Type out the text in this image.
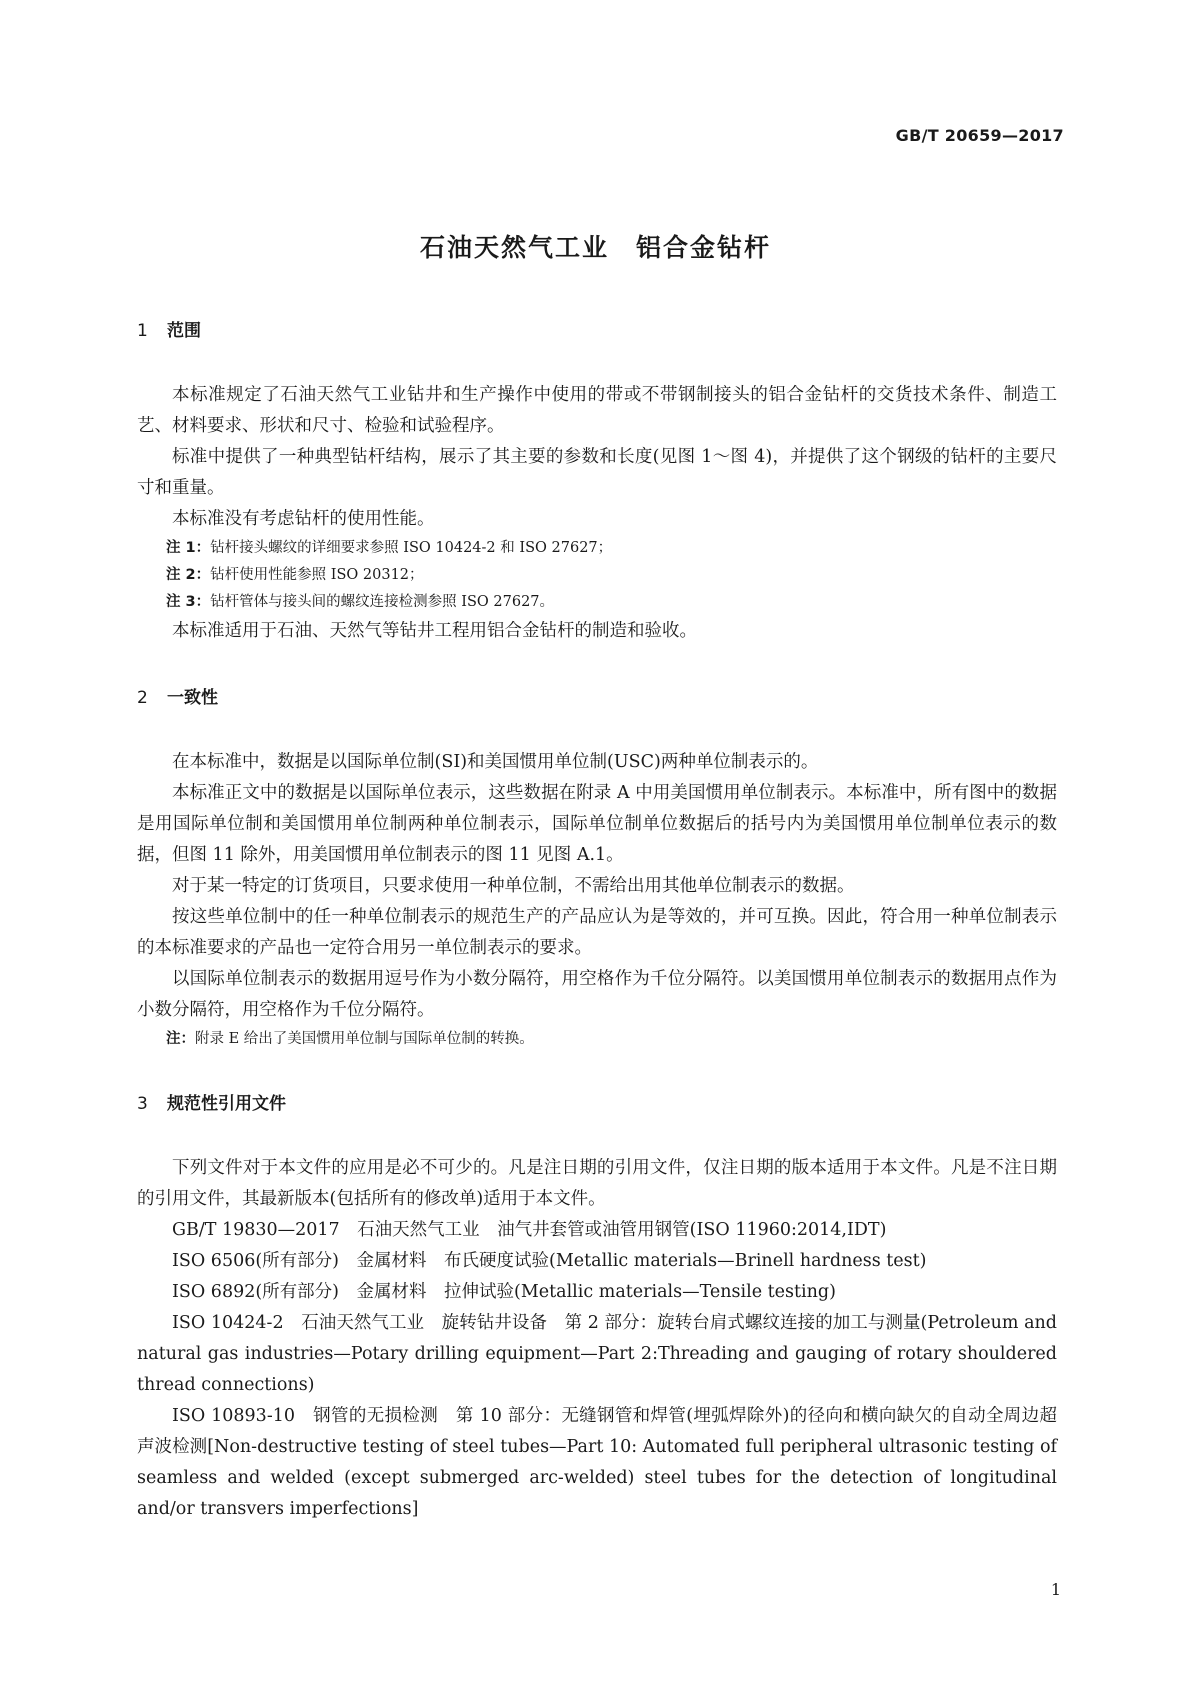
GB/T 20659—2017
石油天然气工业　铝合金钻杆
1 范围

本标准规定了石油天然气工业钻井和生产操作中使用的带或不带钢制接头的铝合金钻杆的交货技术条件、制造工艺、材料要求、形状和尺寸、检验和试验程序。

标准中提供了一种典型钻杆结构，展示了其主要的参数和长度(见图 1～图 4)，并提供了这个钢级的钻杆的主要尺寸和重量。

本标准没有考虑钻杆的使用性能。

注 1：钻杆接头螺纹的详细要求参照 ISO 10424-2 和 ISO 27627；

注 2：钻杆使用性能参照 ISO 20312；

注 3：钻杆管体与接头间的螺纹连接检测参照 ISO 27627。

本标准适用于石油、天然气等钻井工程用铝合金钻杆的制造和验收。

2 一致性

在本标准中，数据是以国际单位制(SI)和美国惯用单位制(USC)两种单位制表示的。

本标准正文中的数据是以国际单位表示，这些数据在附录 A 中用美国惯用单位制表示。本标准中，所有图中的数据是用国际单位制和美国惯用单位制两种单位制表示，国际单位制单位数据后的括号内为美国惯用单位制单位表示的数据，但图 11 除外，用美国惯用单位制表示的图 11 见图 A.1。

对于某一特定的订货项目，只要求使用一种单位制，不需给出用其他单位制表示的数据。

按这些单位制中的任一种单位制表示的规范生产的产品应认为是等效的，并可互换。因此，符合用一种单位制表示的本标准要求的产品也一定符合用另一单位制表示的要求。

以国际单位制表示的数据用逗号作为小数分隔符，用空格作为千位分隔符。以美国惯用单位制表示的数据用点作为小数分隔符，用空格作为千位分隔符。

注：附录 E 给出了美国惯用单位制与国际单位制的转换。

3 规范性引用文件

下列文件对于本文件的应用是必不可少的。凡是注日期的引用文件，仅注日期的版本适用于本文件。凡是不注日期的引用文件，其最新版本(包括所有的修改单)适用于本文件。

GB/T 19830—2017　石油天然气工业　油气井套管或油管用钢管(ISO 11960:2014,IDT)

ISO 6506(所有部分)　金属材料　布氏硬度试验(Metallic materials—Brinell hardness test)

ISO 6892(所有部分)　金属材料　拉伸试验(Metallic materials—Tensile testing)

ISO 10424-2　石油天然气工业　旋转钻井设备　第 2 部分：旋转台肩式螺纹连接的加工与测量(Petroleum and natural gas industries—Potary drilling equipment—Part 2:Threading and gauging of rotary shouldered thread connections)

ISO 10893-10　钢管的无损检测　第 10 部分：无缝钢管和焊管(埋弧焊除外)的径向和横向缺欠的自动全周边超声波检测[Non-destructive testing of steel tubes—Part 10: Automated full peripheral ultrasonic testing of seamless and welded (except submerged arc-welded) steel tubes for the detection of longitudinal and/or transvers imperfections]

1
